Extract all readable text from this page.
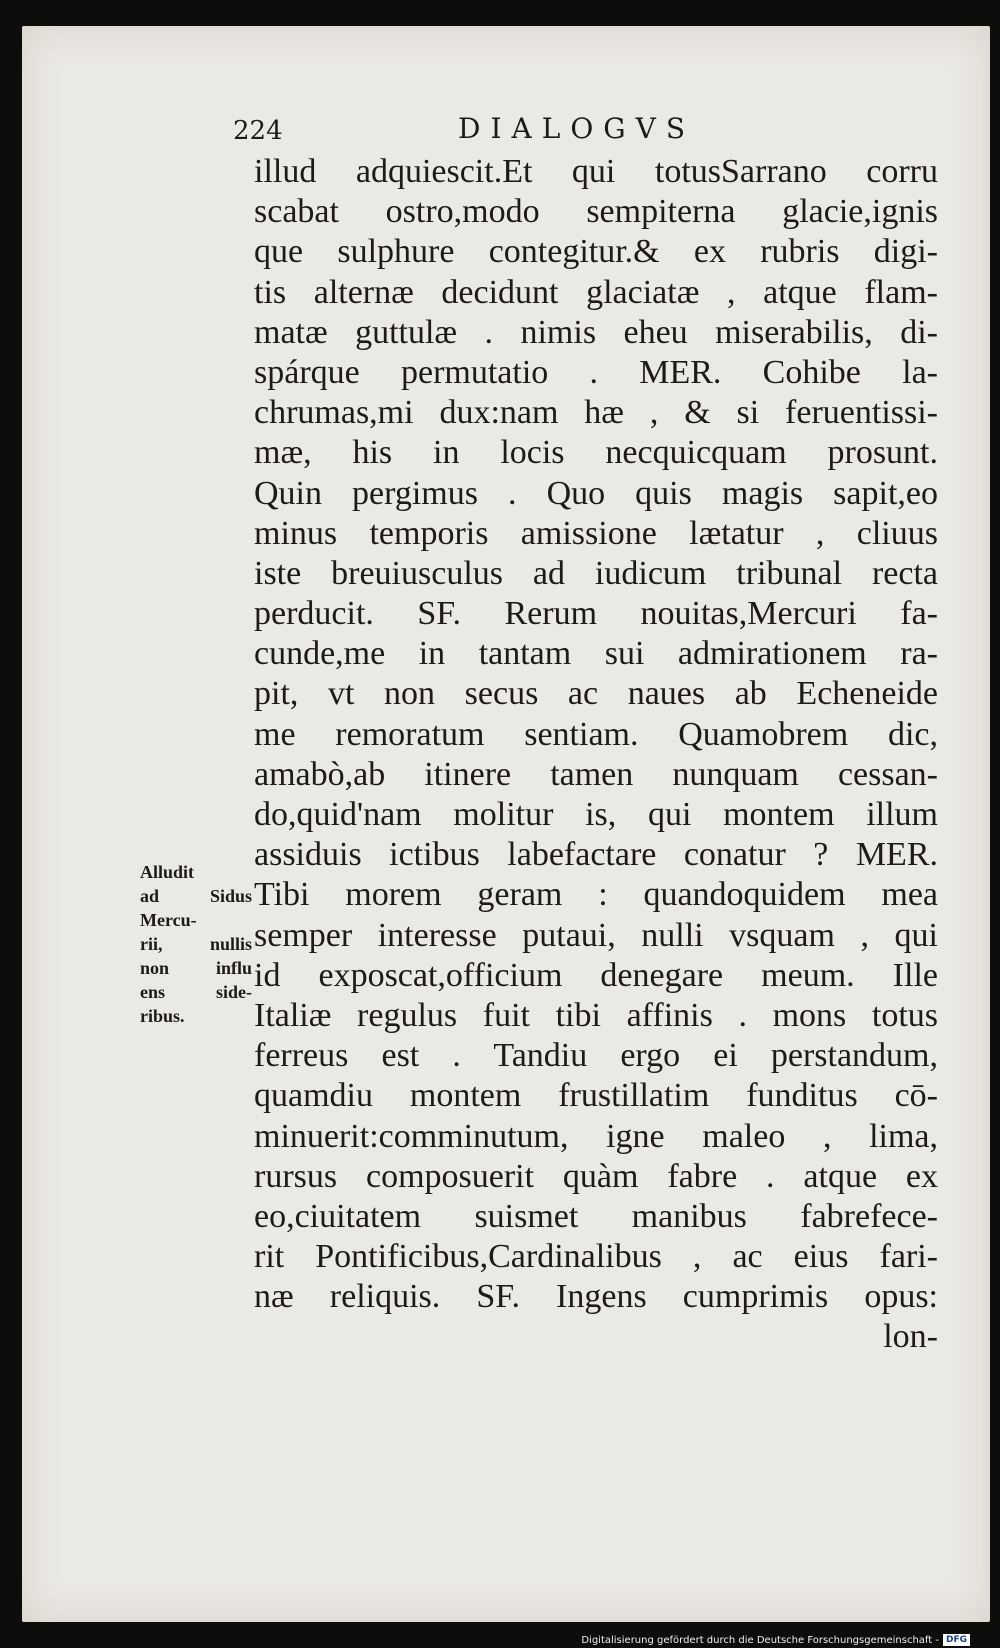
224	DIALOGVS
illud adquiescit.Et qui totusSarrano corru
scabat ostro,modo sempiterna glacie,ignis
que sulphure contegitur.& ex rubris digi-
tis alternæ decidunt glaciatæ , atque flam-
matæ guttulæ . nimis eheu miserabilis, di-
spárque permutatio . MER. Cohibe la-
chrumas,mi dux:nam hæ , & si feruentissi-
mæ, his in locis necquicquam prosunt.
Quin pergimus . Quo quis magis sapit,eo
minus temporis amissione lætatur , cliuus
iste breuiusculus ad iudicum tribunal recta
perducit. SF. Rerum nouitas,Mercuri fa-
cunde,me in tantam sui admirationem ra-
pit, vt non secus ac naues ab Echeneide
me remoratum sentiam. Quamobrem dic,
amabò,ab itinere tamen nunquam cessan-
do,quid'nam molitur is, qui montem illum
assiduis ictibus labefactare conatur ? MER.
Tibi morem geram : quandoquidem mea
semper interesse putaui, nulli vsquam , qui
id exposcat,officium denegare meum. Ille
Italiæ regulus fuit tibi affinis . mons totus
ferreus est . Tandiu ergo ei perstandum,
quamdiu montem frustillatim funditus cō-
minuerit:comminutum, igne maleo , lima,
rursus composuerit quàm fabre . atque ex
eo,ciuitatem suismet manibus fabrefece-
rit Pontificibus,Cardinalibus , ac eius fari-
næ reliquis. SF. Ingens cumprimis opus:
lon-
Alludit
ad Sidus
Mercu-
rii, nullis
non influ
ens side-
ribus.
Digitalisierung gefördert durch die Deutsche Forschungsgemeinschaft - DFG
